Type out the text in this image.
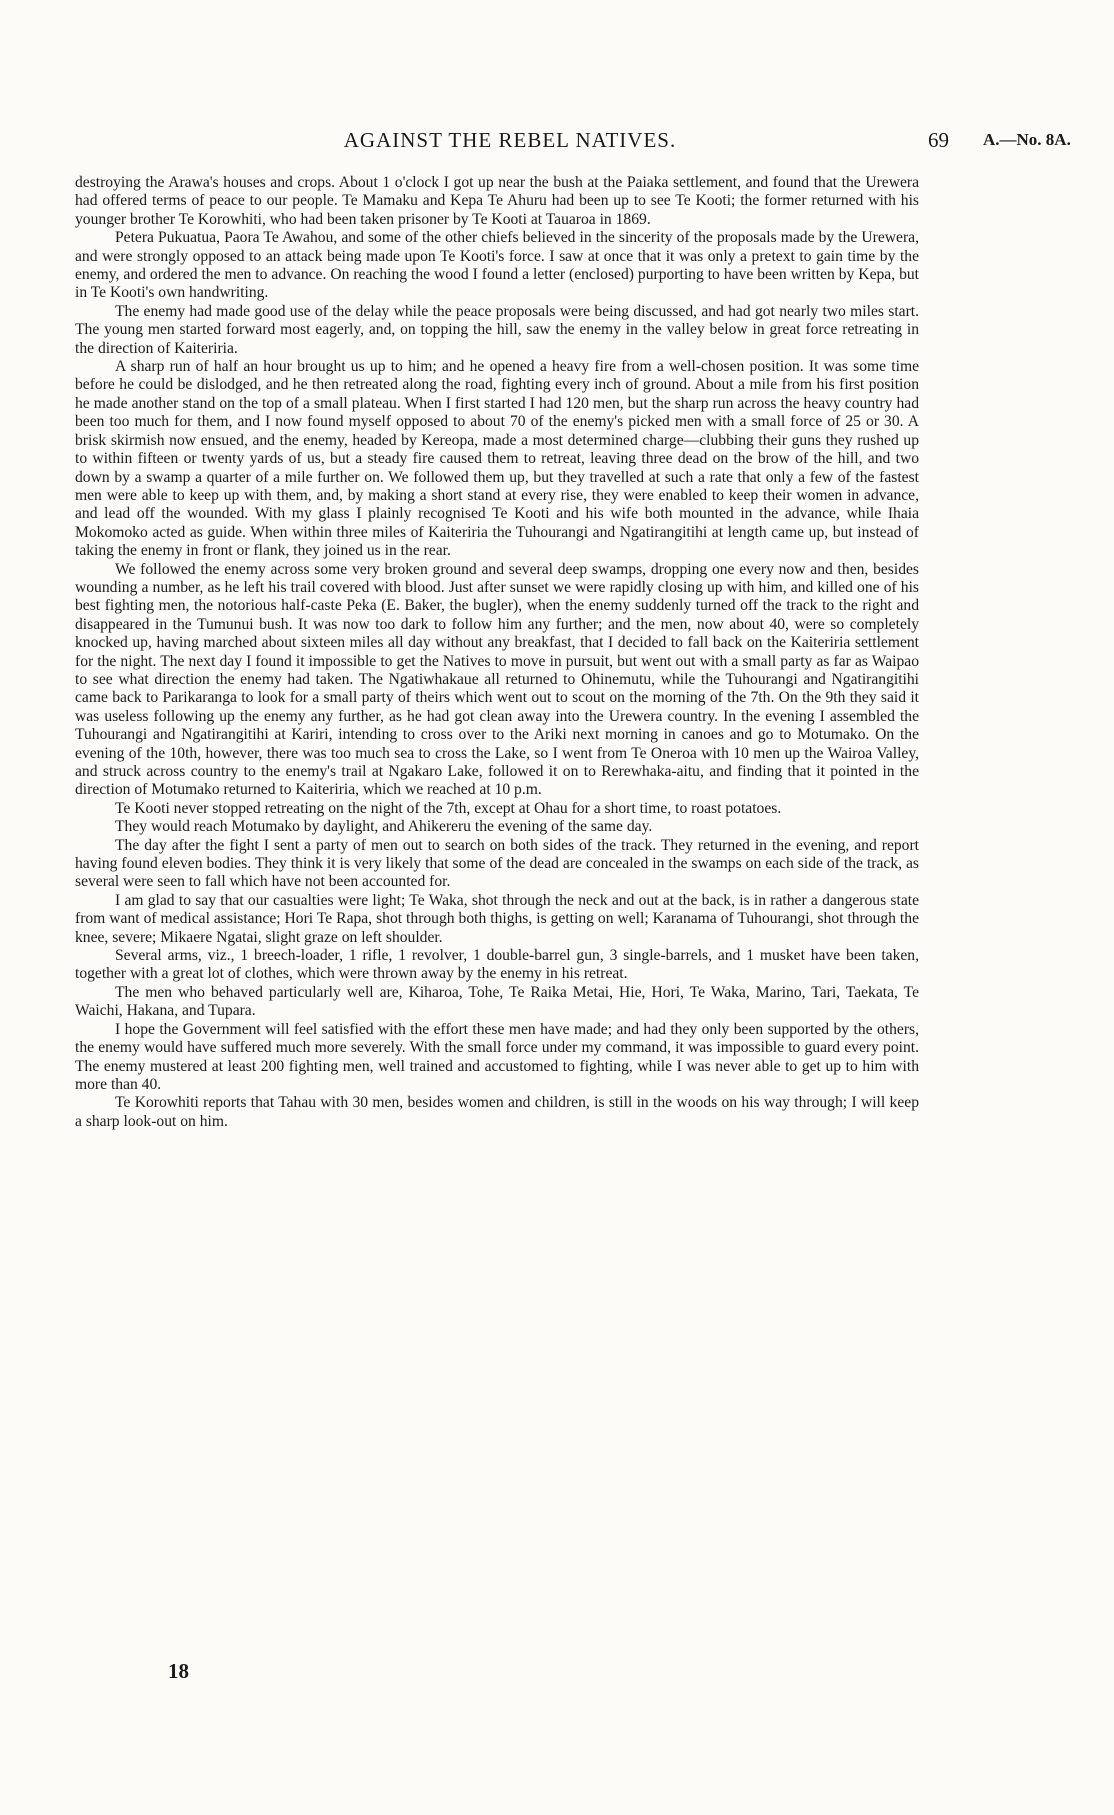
AGAINST THE REBEL NATIVES.	69 A.—No. 8A.

destroying the Arawa's houses and crops. About 1 o'clock I got up near the bush at the Paiaka settlement, and found that the Urewera had offered terms of peace to our people. Te Mamaku and Kepa Te Ahuru had been up to see Te Kooti; the former returned with his younger brother Te Korowhiti, who had been taken prisoner by Te Kooti at Tauaroa in 1869.

Petera Pukuatua, Paora Te Awahou, and some of the other chiefs believed in the sincerity of the proposals made by the Urewera, and were strongly opposed to an attack being made upon Te Kooti's force. I saw at once that it was only a pretext to gain time by the enemy, and ordered the men to advance. On reaching the wood I found a letter (enclosed) purporting to have been written by Kepa, but in Te Kooti's own handwriting.

The enemy had made good use of the delay while the peace proposals were being discussed, and had got nearly two miles start. The young men started forward most eagerly, and, on topping the hill, saw the enemy in the valley below in great force retreating in the direction of Kaiteriria.

A sharp run of half an hour brought us up to him; and he opened a heavy fire from a well-chosen position. It was some time before he could be dislodged, and he then retreated along the road, fighting every inch of ground. About a mile from his first position he made another stand on the top of a small plateau. When I first started I had 120 men, but the sharp run across the heavy country had been too much for them, and I now found myself opposed to about 70 of the enemy's picked men with a small force of 25 or 30. A brisk skirmish now ensued, and the enemy, headed by Kereopa, made a most determined charge—clubbing their guns they rushed up to within fifteen or twenty yards of us, but a steady fire caused them to retreat, leaving three dead on the brow of the hill, and two down by a swamp a quarter of a mile further on. We followed them up, but they travelled at such a rate that only a few of the fastest men were able to keep up with them, and, by making a short stand at every rise, they were enabled to keep their women in advance, and lead off the wounded. With my glass I plainly recognised Te Kooti and his wife both mounted in the advance, while Ihaia Mokomoko acted as guide. When within three miles of Kaiteriria the Tuhourangi and Ngatirangitihi at length came up, but instead of taking the enemy in front or flank, they joined us in the rear.

We followed the enemy across some very broken ground and several deep swamps, dropping one every now and then, besides wounding a number, as he left his trail covered with blood. Just after sunset we were rapidly closing up with him, and killed one of his best fighting men, the notorious half-caste Peka (E. Baker, the bugler), when the enemy suddenly turned off the track to the right and disappeared in the Tumunui bush. It was now too dark to follow him any further; and the men, now about 40, were so completely knocked up, having marched about sixteen miles all day without any breakfast, that I decided to fall back on the Kaiteriria settlement for the night. The next day I found it impossible to get the Natives to move in pursuit, but went out with a small party as far as Waipao to see what direction the enemy had taken. The Ngatiwhakaue all returned to Ohinemutu, while the Tuhourangi and Ngatirangitihi came back to Parikaranga to look for a small party of theirs which went out to scout on the morning of the 7th. On the 9th they said it was useless following up the enemy any further, as he had got clean away into the Urewera country. In the evening I assembled the Tuhourangi and Ngatirangitihi at Kariri, intending to cross over to the Ariki next morning in canoes and go to Motumako. On the evening of the 10th, however, there was too much sea to cross the Lake, so I went from Te Oneroa with 10 men up the Wairoa Valley, and struck across country to the enemy's trail at Ngakaro Lake, followed it on to Rerewhaka-aitu, and finding that it pointed in the direction of Motumako returned to Kaiteriria, which we reached at 10 p.m.

Te Kooti never stopped retreating on the night of the 7th, except at Ohau for a short time, to roast potatoes.

They would reach Motumako by daylight, and Ahikereru the evening of the same day.

The day after the fight I sent a party of men out to search on both sides of the track. They returned in the evening, and report having found eleven bodies. They think it is very likely that some of the dead are concealed in the swamps on each side of the track, as several were seen to fall which have not been accounted for.

I am glad to say that our casualties were light; Te Waka, shot through the neck and out at the back, is in rather a dangerous state from want of medical assistance; Hori Te Rapa, shot through both thighs, is getting on well; Karanama of Tuhourangi, shot through the knee, severe; Mikaere Ngatai, slight graze on left shoulder.

Several arms, viz., 1 breech-loader, 1 rifle, 1 revolver, 1 double-barrel gun, 3 single-barrels, and 1 musket have been taken, together with a great lot of clothes, which were thrown away by the enemy in his retreat.

The men who behaved particularly well are, Kiharoa, Tohe, Te Raika Metai, Hie, Hori, Te Waka, Marino, Tari, Taekata, Te Waichi, Hakana, and Tupara.

I hope the Government will feel satisfied with the effort these men have made; and had they only been supported by the others, the enemy would have suffered much more severely. With the small force under my command, it was impossible to guard every point. The enemy mustered at least 200 fighting men, well trained and accustomed to fighting, while I was never able to get up to him with more than 40.

Te Korowhiti reports that Tahau with 30 men, besides women and children, is still in the woods on his way through; I will keep a sharp look-out on him.

18
